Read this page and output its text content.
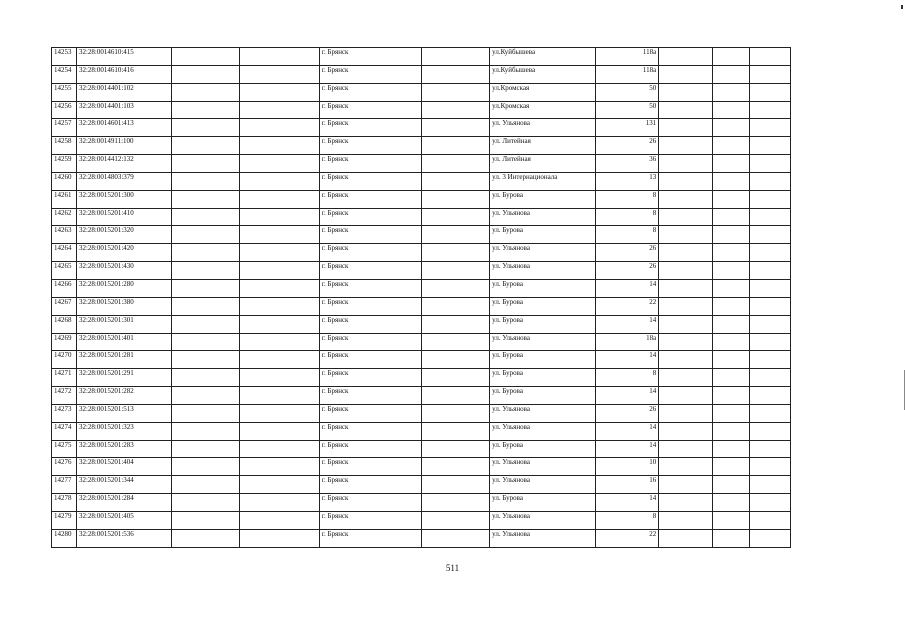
14253	32:28:0014610:415			г. Брянск		ул.Куйбышева	118а			
14254	32:28:0014610:416			г. Брянск		ул.Куйбышева	118а			
14255	32:28:0014401:102			г. Брянск		ул.Кромская	50			
14256	32:28:0014401:103			г. Брянск		ул.Кромская	50			
14257	32:28:0014601:413			г. Брянск		ул. Ульянова	131			
14258	32:28:0014911:100			г. Брянск		ул. Литейная	26			
14259	32:28:0014412:132			г. Брянск		ул. Литейная	36			
14260	32:28:0014803:379			г. Брянск		ул. 3 Интернационала	13			
14261	32:28:0015201:300			г. Брянск		ул. Бурова	8			
14262	32:28:0015201:410			г. Брянск		ул. Ульянова	8			
14263	32:28:0015201:320			г. Брянск		ул. Бурова	8			
14264	32:28:0015201:420			г. Брянск		ул. Ульянова	26			
14265	32:28:0015201:430			г. Брянск		ул. Ульянова	26			
14266	32:28:0015201:280			г. Брянск		ул. Бурова	14			
14267	32:28:0015201:380			г. Брянск		ул. Бурова	22			
14268	32:28:0015201:301			г. Брянск		ул. Бурова	14			
14269	32:28:0015201:401			г. Брянск		ул. Ульянова	18а			
14270	32:28:0015201:281			г. Брянск		ул. Бурова	14			
14271	32:28:0015201:291			г. Брянск		ул. Бурова	8			
14272	32:28:0015201:282			г. Брянск		ул. Бурова	14			
14273	32:28:0015201:513			г. Брянск		ул. Ульянова	26			
14274	32:28:0015201:323			г. Брянск		ул. Ульянова	14			
14275	32:28:0015201:283			г. Брянск		ул. Бурова	14			
14276	32:28:0015201:404			г. Брянск		ул. Ульянова	10			
14277	32:28:0015201:344			г. Брянск		ул. Ульянова	16			
14278	32:28:0015201:284			г. Брянск		ул. Бурова	14			
14279	32:28:0015201:405			г. Брянск		ул. Ульянова	8			
14280	32:28:0015201:536			г. Брянск		ул. Ульянова	22			
511
